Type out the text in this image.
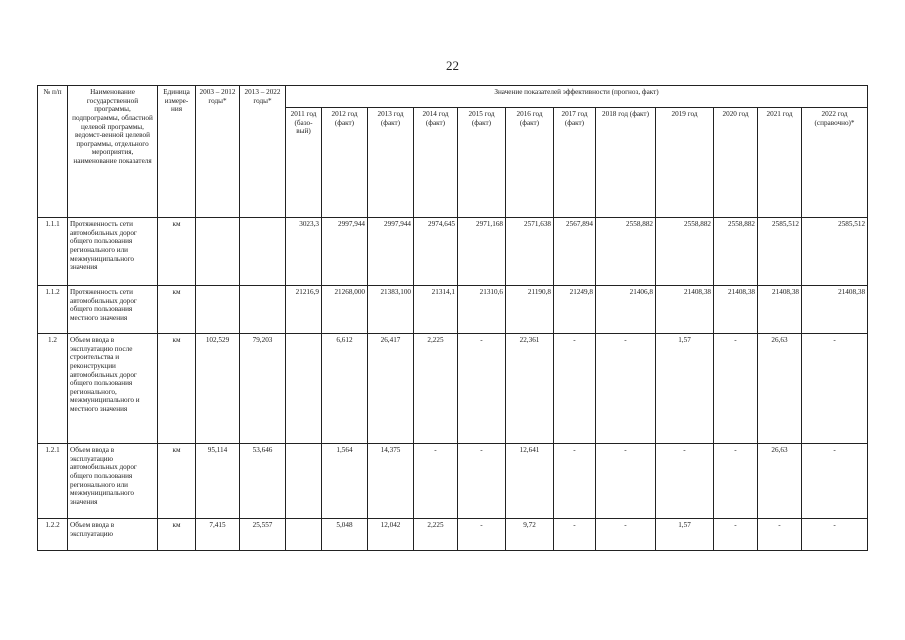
22
№ п/п	Наименование государственной программы, подпрограммы, областной целевой программы, ведомст-венной целевой программы, отдельного мероприятия, наименование показателя	Единица измере-ния	2003 – 2012 годы*	2013 – 2022 годы*	Значение показателей эффективности (прогноз, факт)											
					2011 год (базо-вый)	2012 год (факт)	2013 год (факт)	2014 год (факт)	2015 год (факт)	2016 год (факт)	2017 год (факт)	2018 год (факт)	2019 год	2020 год	2021 год	2022 год (справочно)*
1.1.1	Протяженность сети автомобильных дорог общего пользования регионального или межмуниципального значения	км			3023,3	2997,944	2997,944	2974,645	2971,168	2571,638	2567,894	2558,882	2558,882	2558,882	2585,512	2585,512
1.1.2	Протяженность сети автомобильных дорог общего пользования местного значения	км			21216,9	21268,000	21383,100	21314,1	21310,6	21190,8	21249,8	21406,8	21408,38	21408,38	21408,38	21408,38
1.2	Объем ввода в эксплуатацию после строительства и реконструкции автомобильных дорог общего пользования регионального, межмуниципального и местного значения	км	102,529	79,203		6,612	26,417	2,225	-	22,361	-	-	1,57	-	26,63	-
1.2.1	Объем ввода в эксплуатацию автомобильных дорог общего пользования регионального или межмуниципального значения	км	95,114	53,646		1,564	14,375	-	-	12,641	-	-	-	-	26,63	-
1.2.2	Объем ввода в эксплуатацию	км	7,415	25,557		5,048	12,042	2,225	-	9,72	-	-	1,57	-	-	-
